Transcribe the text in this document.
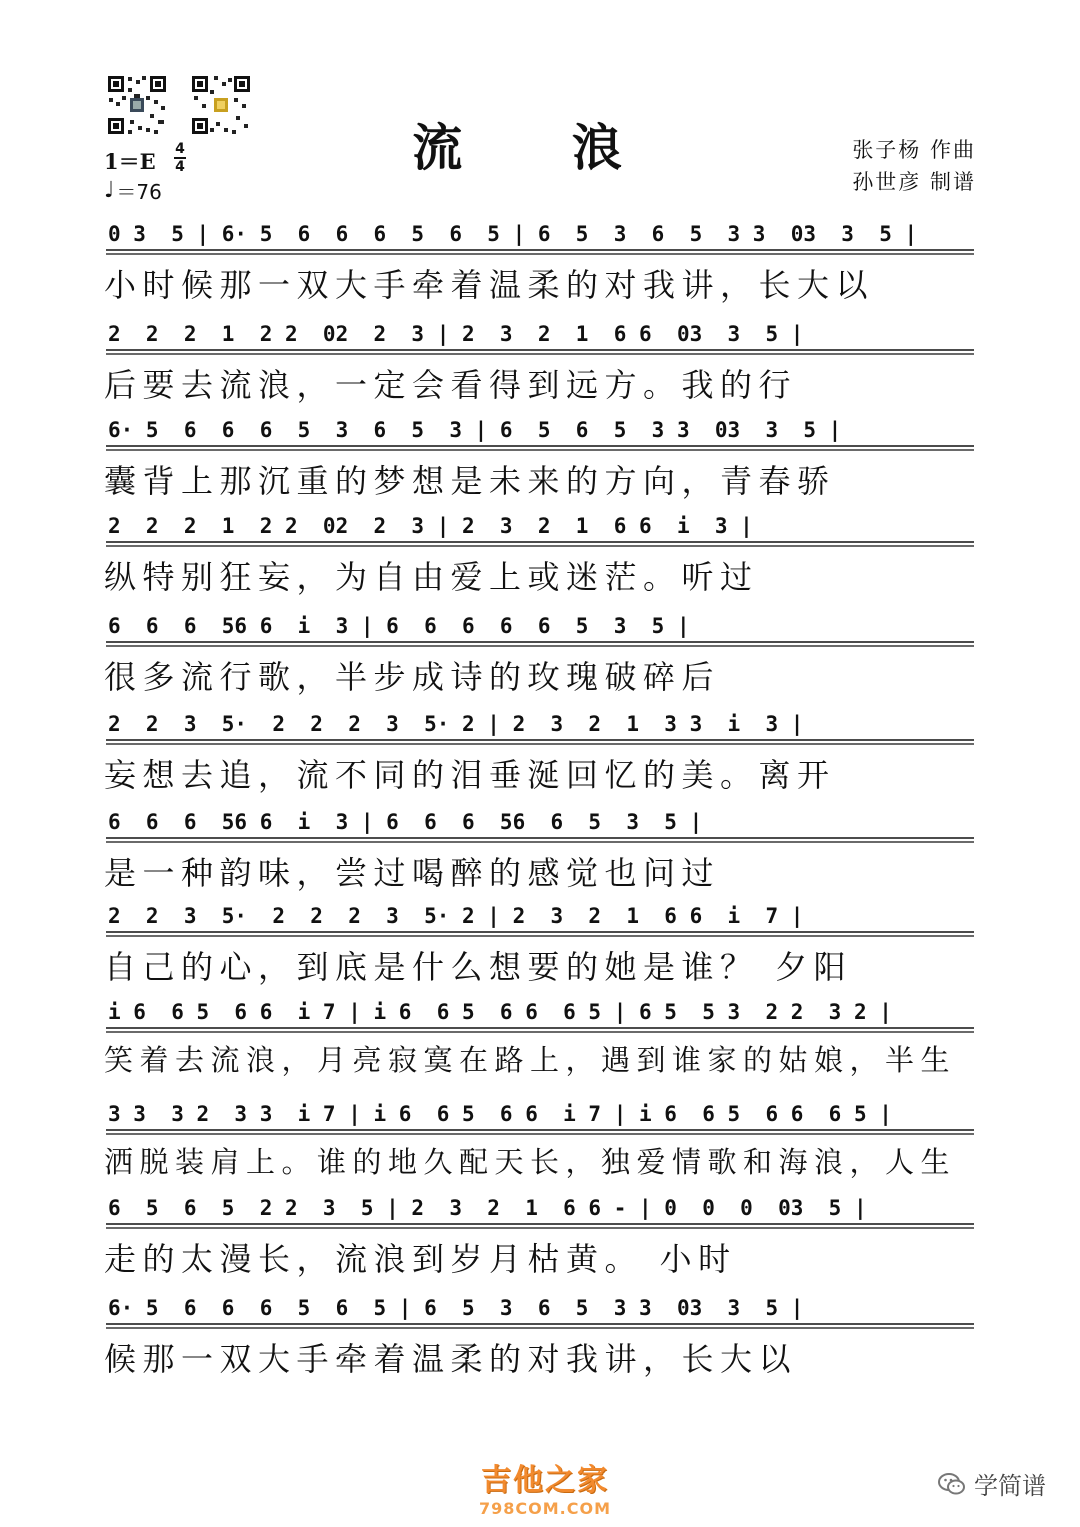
流 浪	张子杨 作曲
孙世彦 制谱
1＝E 4
4
♩ ＝76
0 3  5 | 6· 5  6  6  6  5  6  5 | 6  5  3  6  5  3 3  03  3  5 |
小时候那一双大手牵着温柔的对我讲，长大以
2  2  2  1  2 2  02  2  3 | 2  3  2  1  6 6  03  3  5 |
后要去流浪，一定会看得到远方。我的行
6· 5  6  6  6  5  3  6  5  3 | 6  5  6  5  3 3  03  3  5 |
囊背上那沉重的梦想是未来的方向，青春骄
2  2  2  1  2 2  02  2  3 | 2  3  2  1  6 6  i  3 |
纵特别狂妄，为自由爱上或迷茫。听过
6  6  6  56 6  i  3 | 6  6  6  6  6  5  3  5 |
很多流行歌，半步成诗的玫瑰破碎后
2  2  3  5·  2  2  2  3  5· 2 | 2  3  2  1  3 3  i  3 |
妄想去追，流不同的泪垂涎回忆的美。离开
6  6  6  56 6  i  3 | 6  6  6  56  6  5  3  5 |
是一种韵味，尝过喝醉的感觉也问过
2  2  3  5·  2  2  2  3  5· 2 | 2  3  2  1  6 6  i  7 |
自己的心，到底是什么想要的她是谁？ 夕阳
i 6  6 5  6 6  i 7 | i 6  6 5  6 6  6 5 | 6 5  5 3  2 2  3 2 |
笑着去流浪，月亮寂寞在路上，遇到谁家的姑娘，半生
3 3  3 2  3 3  i 7 | i 6  6 5  6 6  i 7 | i 6  6 5  6 6  6 5 |
洒脱装肩上。谁的地久配天长，独爱情歌和海浪，人生
6  5  6  5  2 2  3  5 | 2  3  2  1  6 6 - | 0  0  0  03  5 |
走的太漫长，流浪到岁月枯黄。 小时
6· 5  6  6  6  5  6  5 | 6  5  3  6  5  3 3  03  3  5 |
候那一双大手牵着温柔的对我讲，长大以
吉他之家
798COM.COM
学简谱
